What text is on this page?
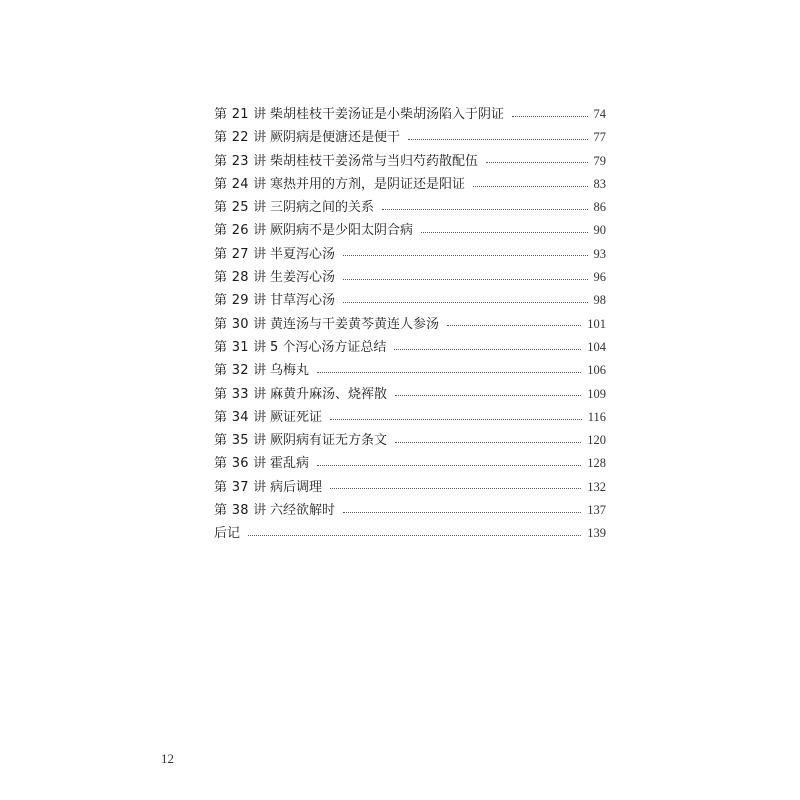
第 21 讲 柴胡桂枝干姜汤证是小柴胡汤陷入于阴证	74
第 22 讲 厥阴病是便溏还是便干	77
第 23 讲 柴胡桂枝干姜汤常与当归芍药散配伍	79
第 24 讲 寒热并用的方剂，是阴证还是阳证	83
第 25 讲 三阴病之间的关系	86
第 26 讲 厥阴病不是少阳太阴合病	90
第 27 讲 半夏泻心汤	93
第 28 讲 生姜泻心汤	96
第 29 讲 甘草泻心汤	98
第 30 讲 黄连汤与干姜黄芩黄连人参汤	101
第 31 讲 5 个泻心汤方证总结	104
第 32 讲 乌梅丸	106
第 33 讲 麻黄升麻汤、烧裈散	109
第 34 讲 厥证死证	116
第 35 讲 厥阴病有证无方条文	120
第 36 讲 霍乱病	128
第 37 讲 病后调理	132
第 38 讲 六经欲解时	137
后记	139
12
